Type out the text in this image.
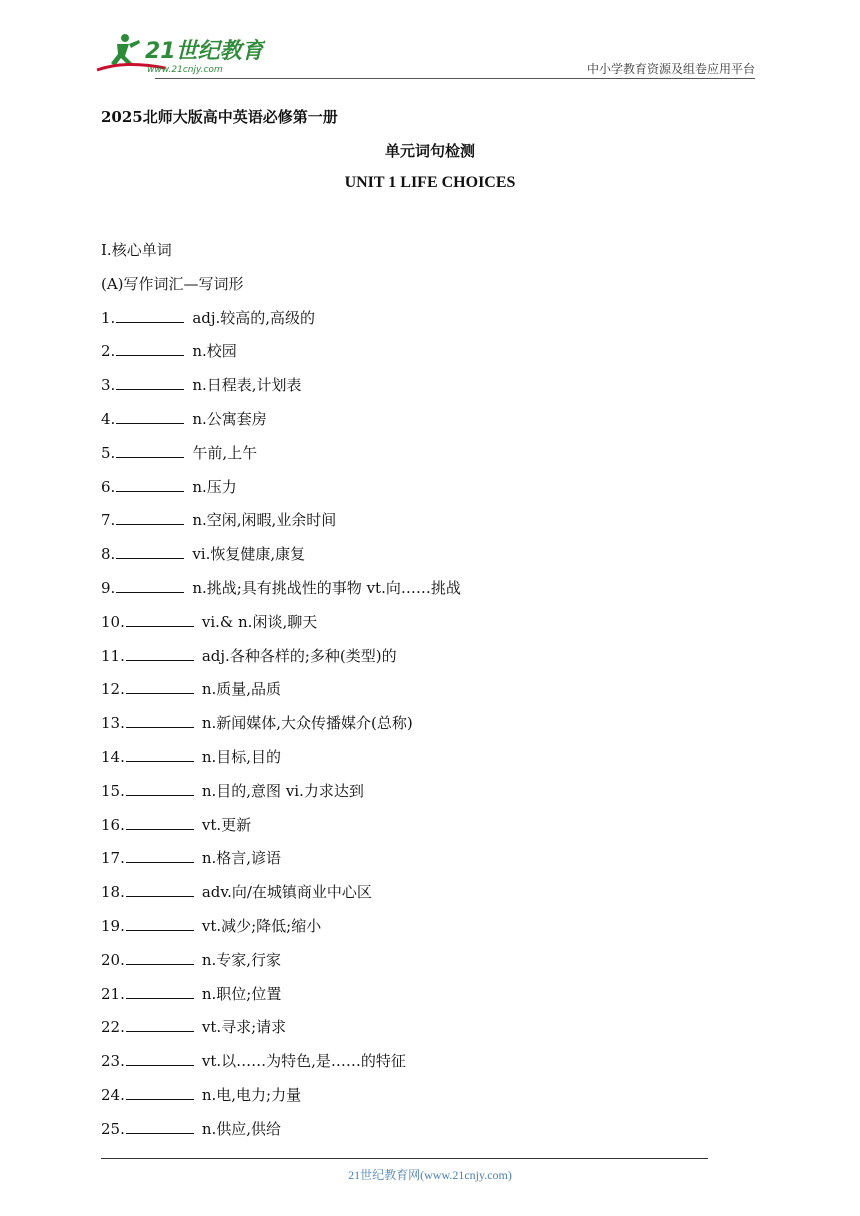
21世纪教育
www.21cnjy.com	中小学教育资源及组卷应用平台
2025北师大版高中英语必修第一册
单元词句检测
UNIT 1 LIFE CHOICES
Ⅰ.核心单词
(A)写作词汇—写词形
1.	adj.较高的,高级的
2.	n.校园
3.	n.日程表,计划表
4.	n.公寓套房
5.	午前,上午
6.	n.压力
7.	n.空闲,闲暇,业余时间
8.	vi.恢复健康,康复
9.	n.挑战;具有挑战性的事物 vt.向……挑战
10.	vi.& n.闲谈,聊天
11.	adj.各种各样的;多种(类型)的
12.	n.质量,品质
13.	n.新闻媒体,大众传播媒介(总称)
14.	n.目标,目的
15.	n.目的,意图 vi.力求达到
16.	vt.更新
17.	n.格言,谚语
18.	adv.向/在城镇商业中心区
19.	vt.减少;降低;缩小
20.	n.专家,行家
21.	n.职位;位置
22.	vt.寻求;请求
23.	vt.以……为特色,是……的特征
24.	n.电,电力;力量
25.	n.供应,供给
21世纪教育网(www.21cnjy.com)
